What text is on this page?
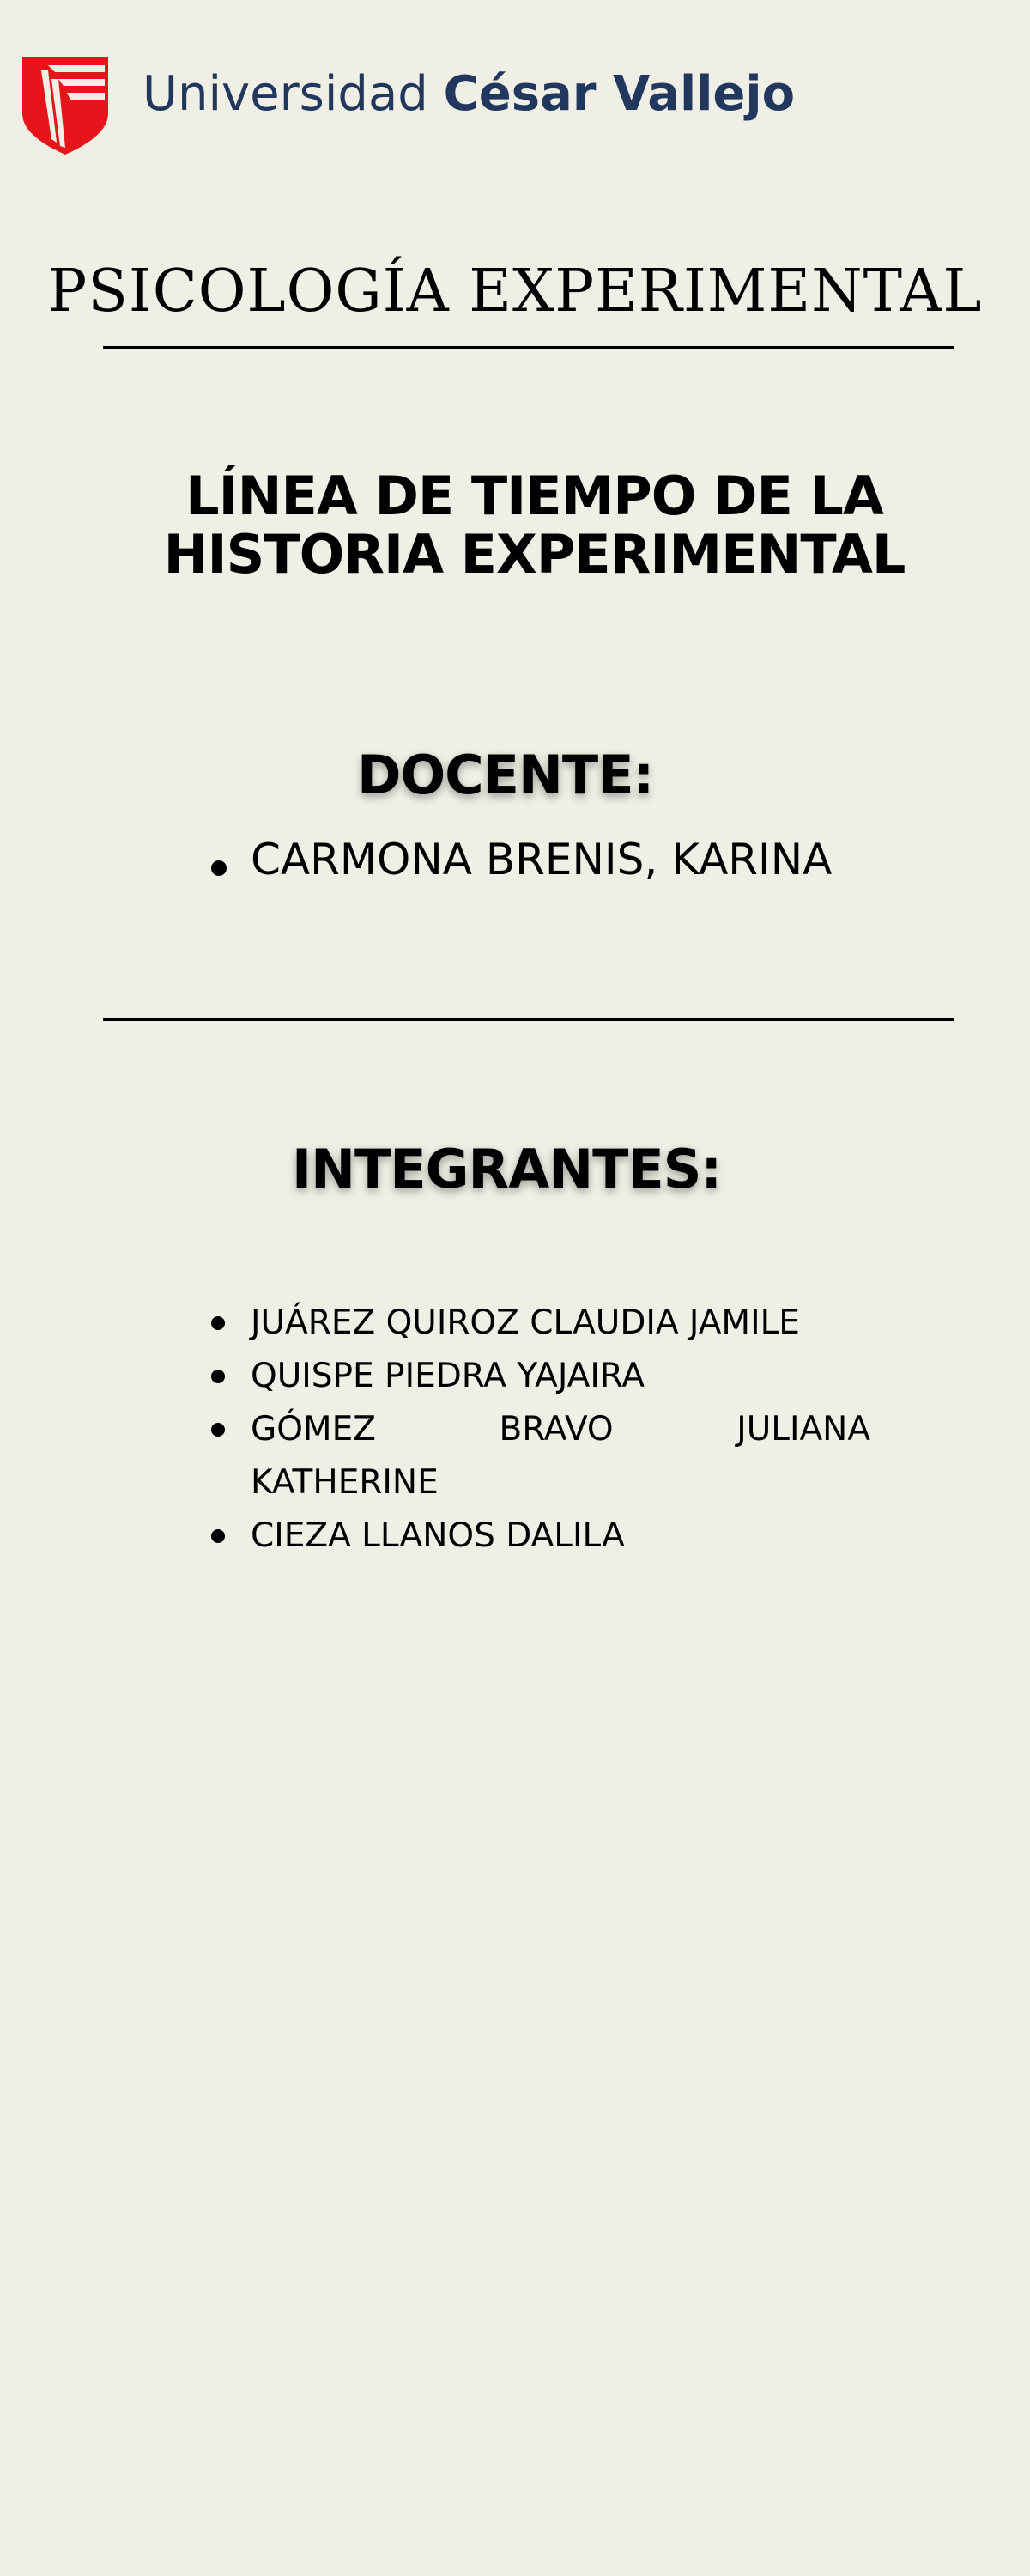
Universidad César Vallejo
PSICOLOGÍA EXPERIMENTAL
LÍNEA DE TIEMPO DE LA
HISTORIA EXPERIMENTAL
DOCENTE:
CARMONA BRENIS, KARINA
INTEGRANTES:
JUÁREZ QUIROZ CLAUDIA JAMILE
QUISPE PIEDRA YAJAIRA
GÓMEZ	BRAVO	JULIANA
KATHERINE
CIEZA LLANOS DALILA
